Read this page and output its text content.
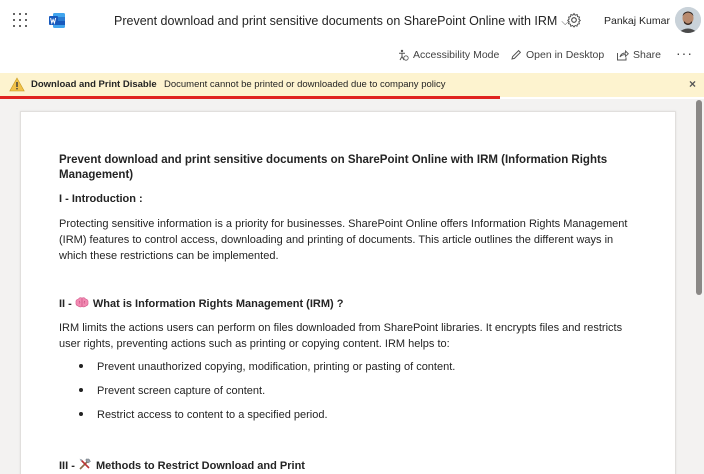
Prevent download and print sensitive documents on SharePoint Online with IRM ⌵	Pankaj Kumar
Accessibility Mode	Open in Desktop	Share ···
Download and Print Disable Document cannot be printed or downloaded due to company policy	×
Prevent download and print sensitive documents on SharePoint Online with IRM (Information Rights Management)
I - Introduction :
Protecting sensitive information is a priority for businesses. SharePoint Online offers Information Rights Management (IRM) features to control access, downloading and printing of documents. This article outlines the different ways in which these restrictions can be implemented.
II - What is Information Rights Management (IRM) ?
IRM limits the actions users can perform on files downloaded from SharePoint libraries. It encrypts files and restricts user rights, preventing actions such as printing or copying content. IRM helps to:
Prevent unauthorized copying, modification, printing or pasting of content.
Prevent screen capture of content.
Restrict access to content to a specified period.
III - Methods to Restrict Download and Print
